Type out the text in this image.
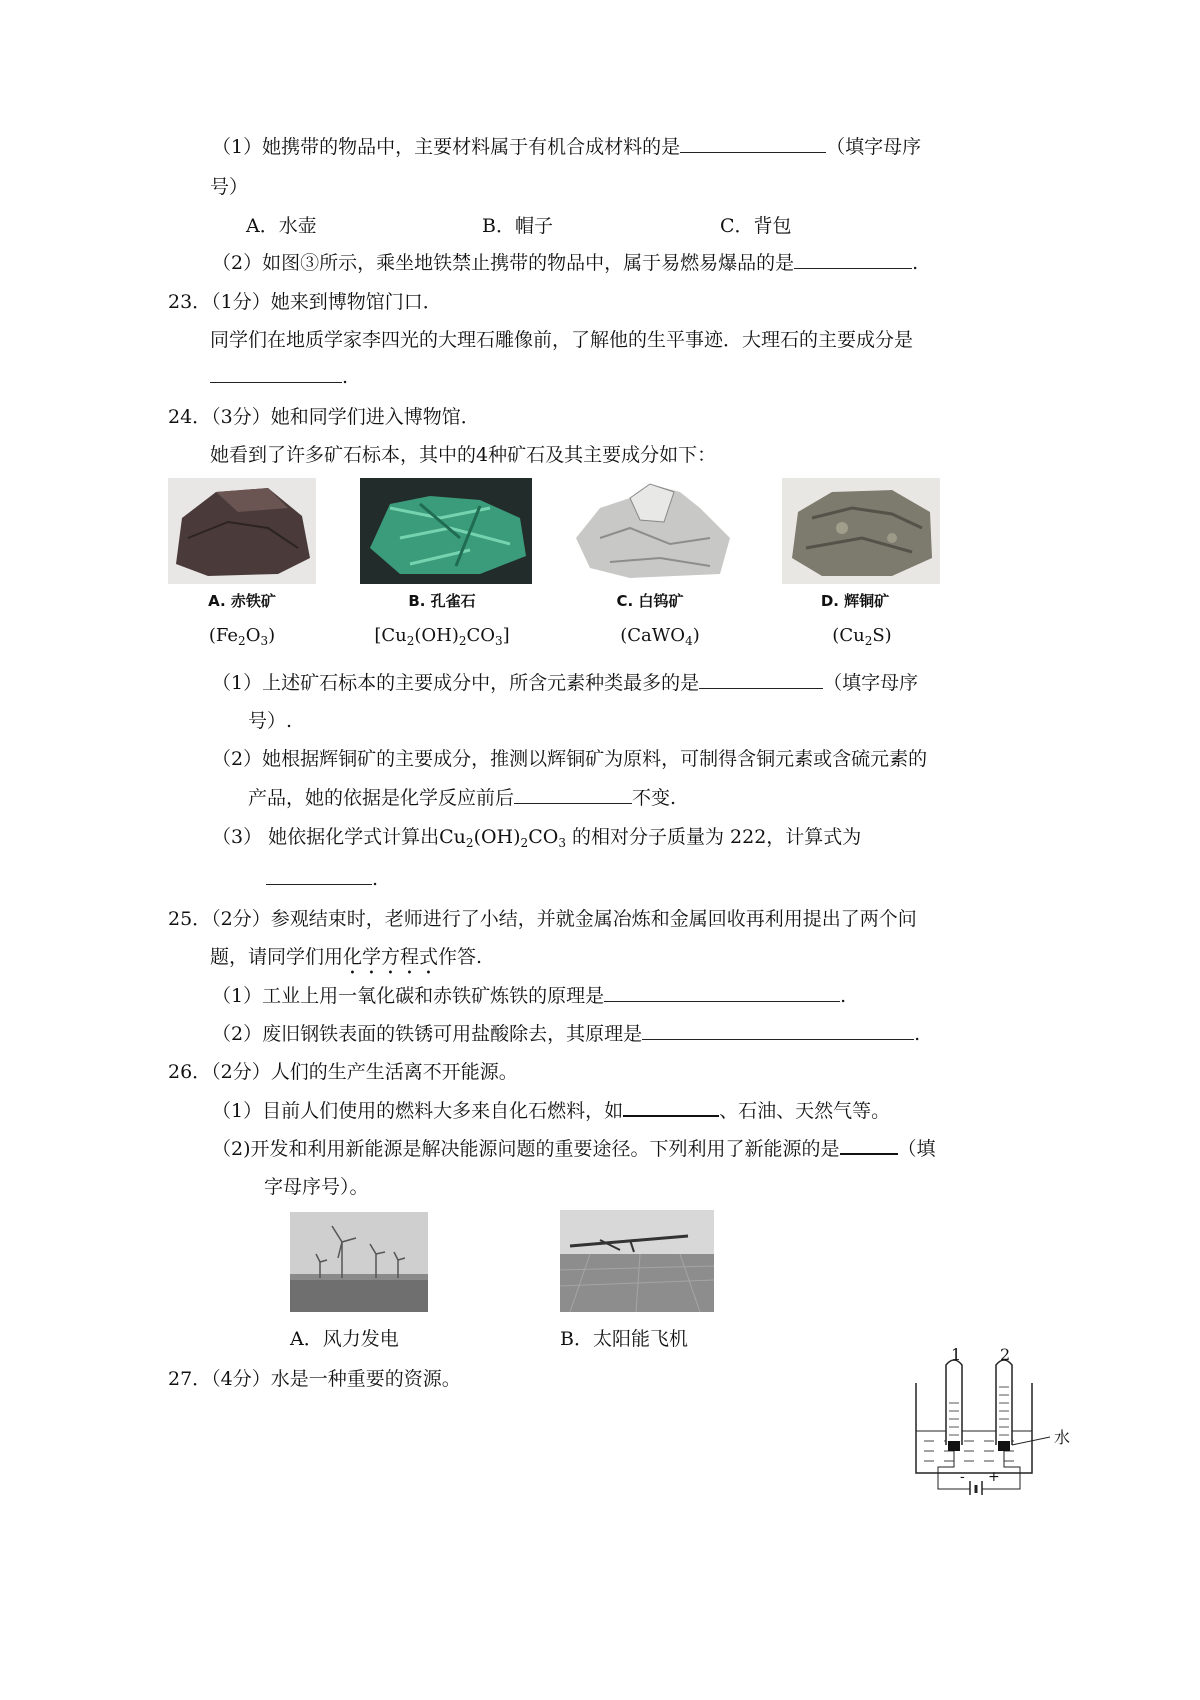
（1）她携带的物品中，主要材料属于有机合成材料的是	（填字母序
号）
A．水壶	B．帽子	C．背包
（2）如图③所示，乘坐地铁禁止携带的物品中，属于易燃易爆品的是	.
23．（1分）她来到博物馆门口．
同学们在地质学家李四光的大理石雕像前，了解他的生平事迹．大理石的主要成分是
.
24．（3分）她和同学们进入博物馆．
她看到了许多矿石标本，其中的4种矿石及其主要成分如下：
A. 赤铁矿	B. 孔雀石	C. 白钨矿	D. 辉铜矿
$(Fe_2O_3)$	$[Cu_2(OH)_2CO_3]$	(CaWO$_4$)	$(Cu_2S)$
（1）上述矿石标本的主要成分中，所含元素种类最多的是	（填字母序
号）.
（2）她根据辉铜矿的主要成分，推测以辉铜矿为原料，可制得含铜元素或含硫元素的
产品，她的依据是化学反应前后	不变.
（3） 她依据化学式计算出$Cu_2(OH)_2CO_3$ 的相对分子质量为 222，计算式为
.
25．（2分）参观结束时，老师进行了小结，并就金属冶炼和金属回收再利用提出了两个问
题，请同学们用化学方程式作答.
（1）工业上用一氧化碳和赤铁矿炼铁的原理是	.
（2）废旧钢铁表面的铁锈可用盐酸除去，其原理是	.
26．（2分）人们的生产生活离不开能源。
（1）目前人们使用的燃料大多来自化石燃料，如	、石油、天然气等。
（2)开发和利用新能源是解决能源问题的重要途径。下列利用了新能源的是	（填
字母序号）。
A．风力发电	B．太阳能飞机
27．（4分）水是一种重要的资源。
1 2
水
- +
